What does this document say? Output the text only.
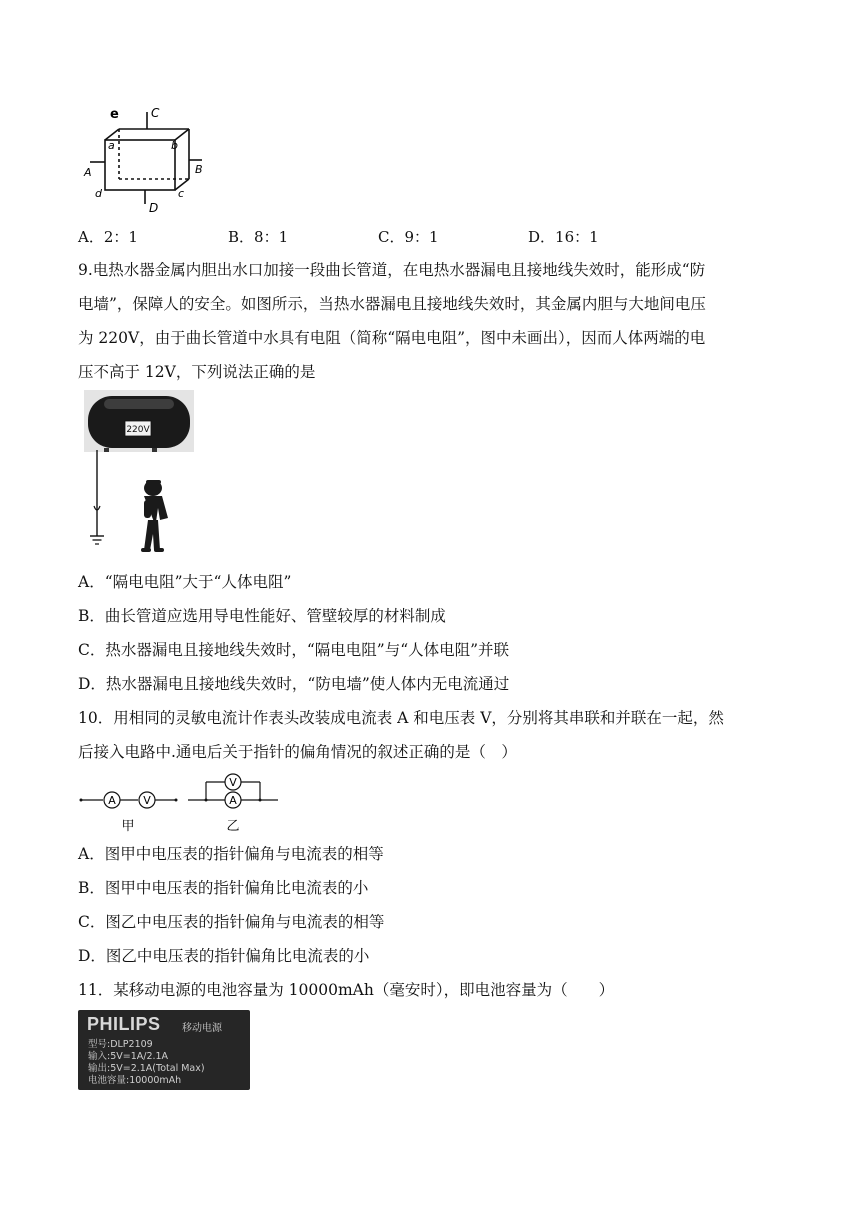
e	C
a	b
A	B
d	c
D
A．2：1	B．8：1	C．9：1	D．16：1
9.电热水器金属内胆出水口加接一段曲长管道，在电热水器漏电且接地线失效时，能形成“防
电墙”，保障人的安全。如图所示，当热水器漏电且接地线失效时，其金属内胆与大地间电压
为 220V，由于曲长管道中水具有电阻（简称“隔电电阻”，图中未画出），因而人体两端的电
压不高于 12V，下列说法正确的是
220V
A．“隔电电阻”大于“人体电阻”
B．曲长管道应选用导电性能好、管壁较厚的材料制成
C．热水器漏电且接地线失效时，“隔电电阻”与“人体电阻”并联
D．热水器漏电且接地线失效时，“防电墙”使人体内无电流通过
10．用相同的灵敏电流计作表头改装成电流表 A 和电压表 V，分别将其串联和并联在一起，然
后接入电路中.通电后关于指针的偏角情况的叙述正确的是（　）
A V
甲
V
A
乙
A．图甲中电压表的指针偏角与电流表的相等
B．图甲中电压表的指针偏角比电流表的小
C．图乙中电压表的指针偏角与电流表的相等
D．图乙中电压表的指针偏角比电流表的小
11．某移动电源的电池容量为 10000mAh（毫安时），即电池容量为（　　）
PHILIPS 移动电源
型号:DLP2109
输入:5V=1A/2.1A
输出:5V=2.1A(Total Max)
电池容量:10000mAh
